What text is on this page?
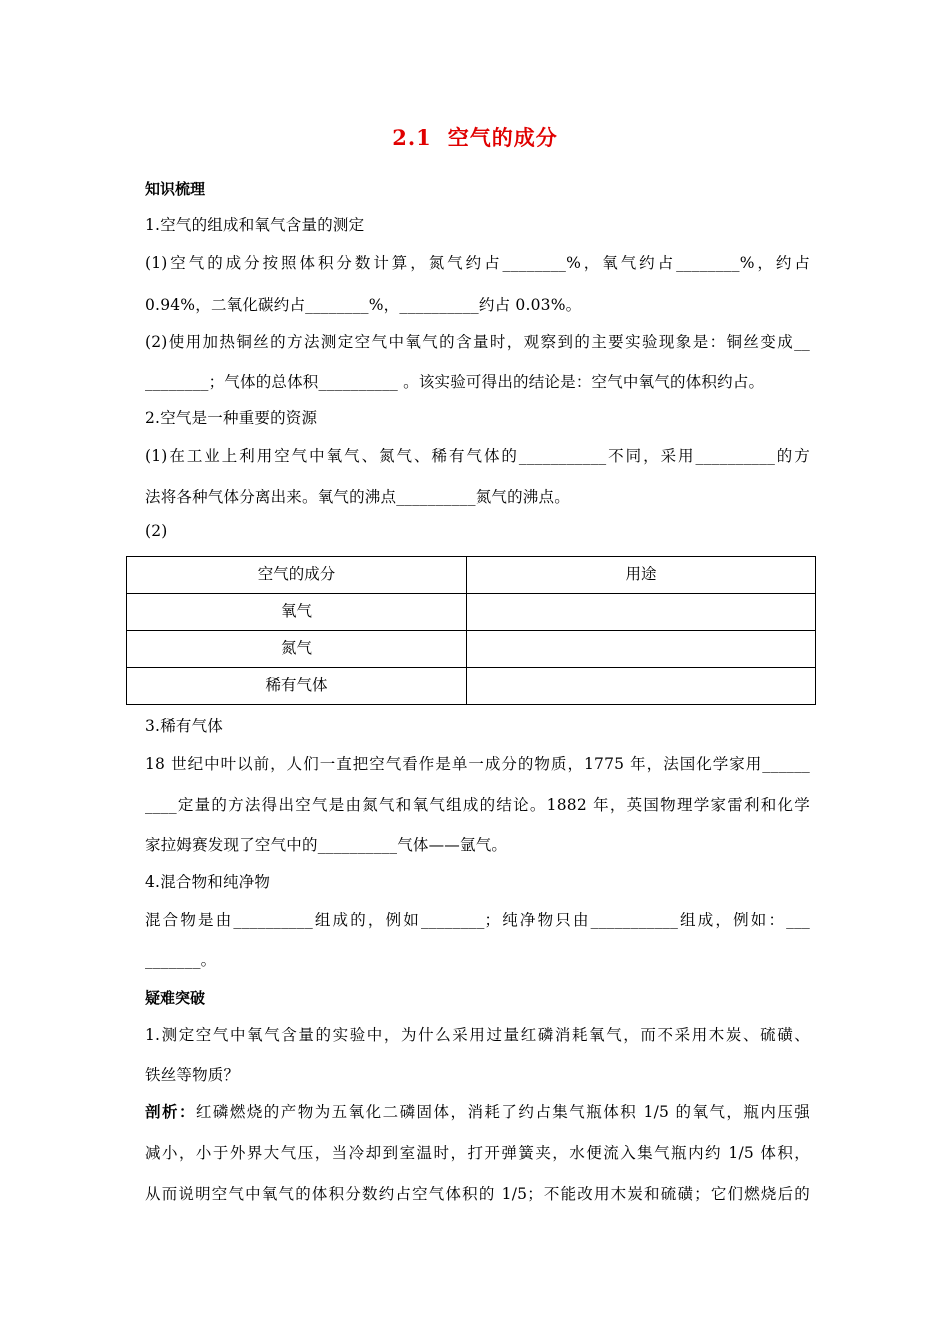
2.1 空气的成分
知识梳理
1.空气的组成和氧气含量的测定
(1)空气的成分按照体积分数计算，氮气约占________%，氧气约占________%，约占
0.94%，二氧化碳约占________%，__________约占 0.03%。
(2)使用加热铜丝的方法测定空气中氧气的含量时，观察到的主要实验现象是：铜丝变成__
________；气体的总体积__________ 。该实验可得出的结论是：空气中氧气的体积约占。
2.空气是一种重要的资源
(1)在工业上利用空气中氧气、氮气、稀有气体的___________不同，采用__________的方
法将各种气体分离出来。氧气的沸点__________氮气的沸点。
(2)
空气的成分	用途
氧气	
氮气	
稀有气体	
3.稀有气体
18 世纪中叶以前，人们一直把空气看作是单一成分的物质，1775 年，法国化学家用______
____定量的方法得出空气是由氮气和氧气组成的结论。1882 年，英国物理学家雷利和化学
家拉姆赛发现了空气中的__________气体——氩气。
4.混合物和纯净物
混合物是由__________组成的，例如________；纯净物只由___________组成，例如：___
_______。
疑难突破
1.测定空气中氧气含量的实验中，为什么采用过量红磷消耗氧气，而不采用木炭、硫磺、
铁丝等物质？
剖析：红磷燃烧的产物为五氧化二磷固体，消耗了约占集气瓶体积 1/5 的氧气，瓶内压强
减小，小于外界大气压，当冷却到室温时，打开弹簧夹，水便流入集气瓶内约 1/5 体积，
从而说明空气中氧气的体积分数约占空气体积的 1/5；不能改用木炭和硫磺；它们燃烧后的
